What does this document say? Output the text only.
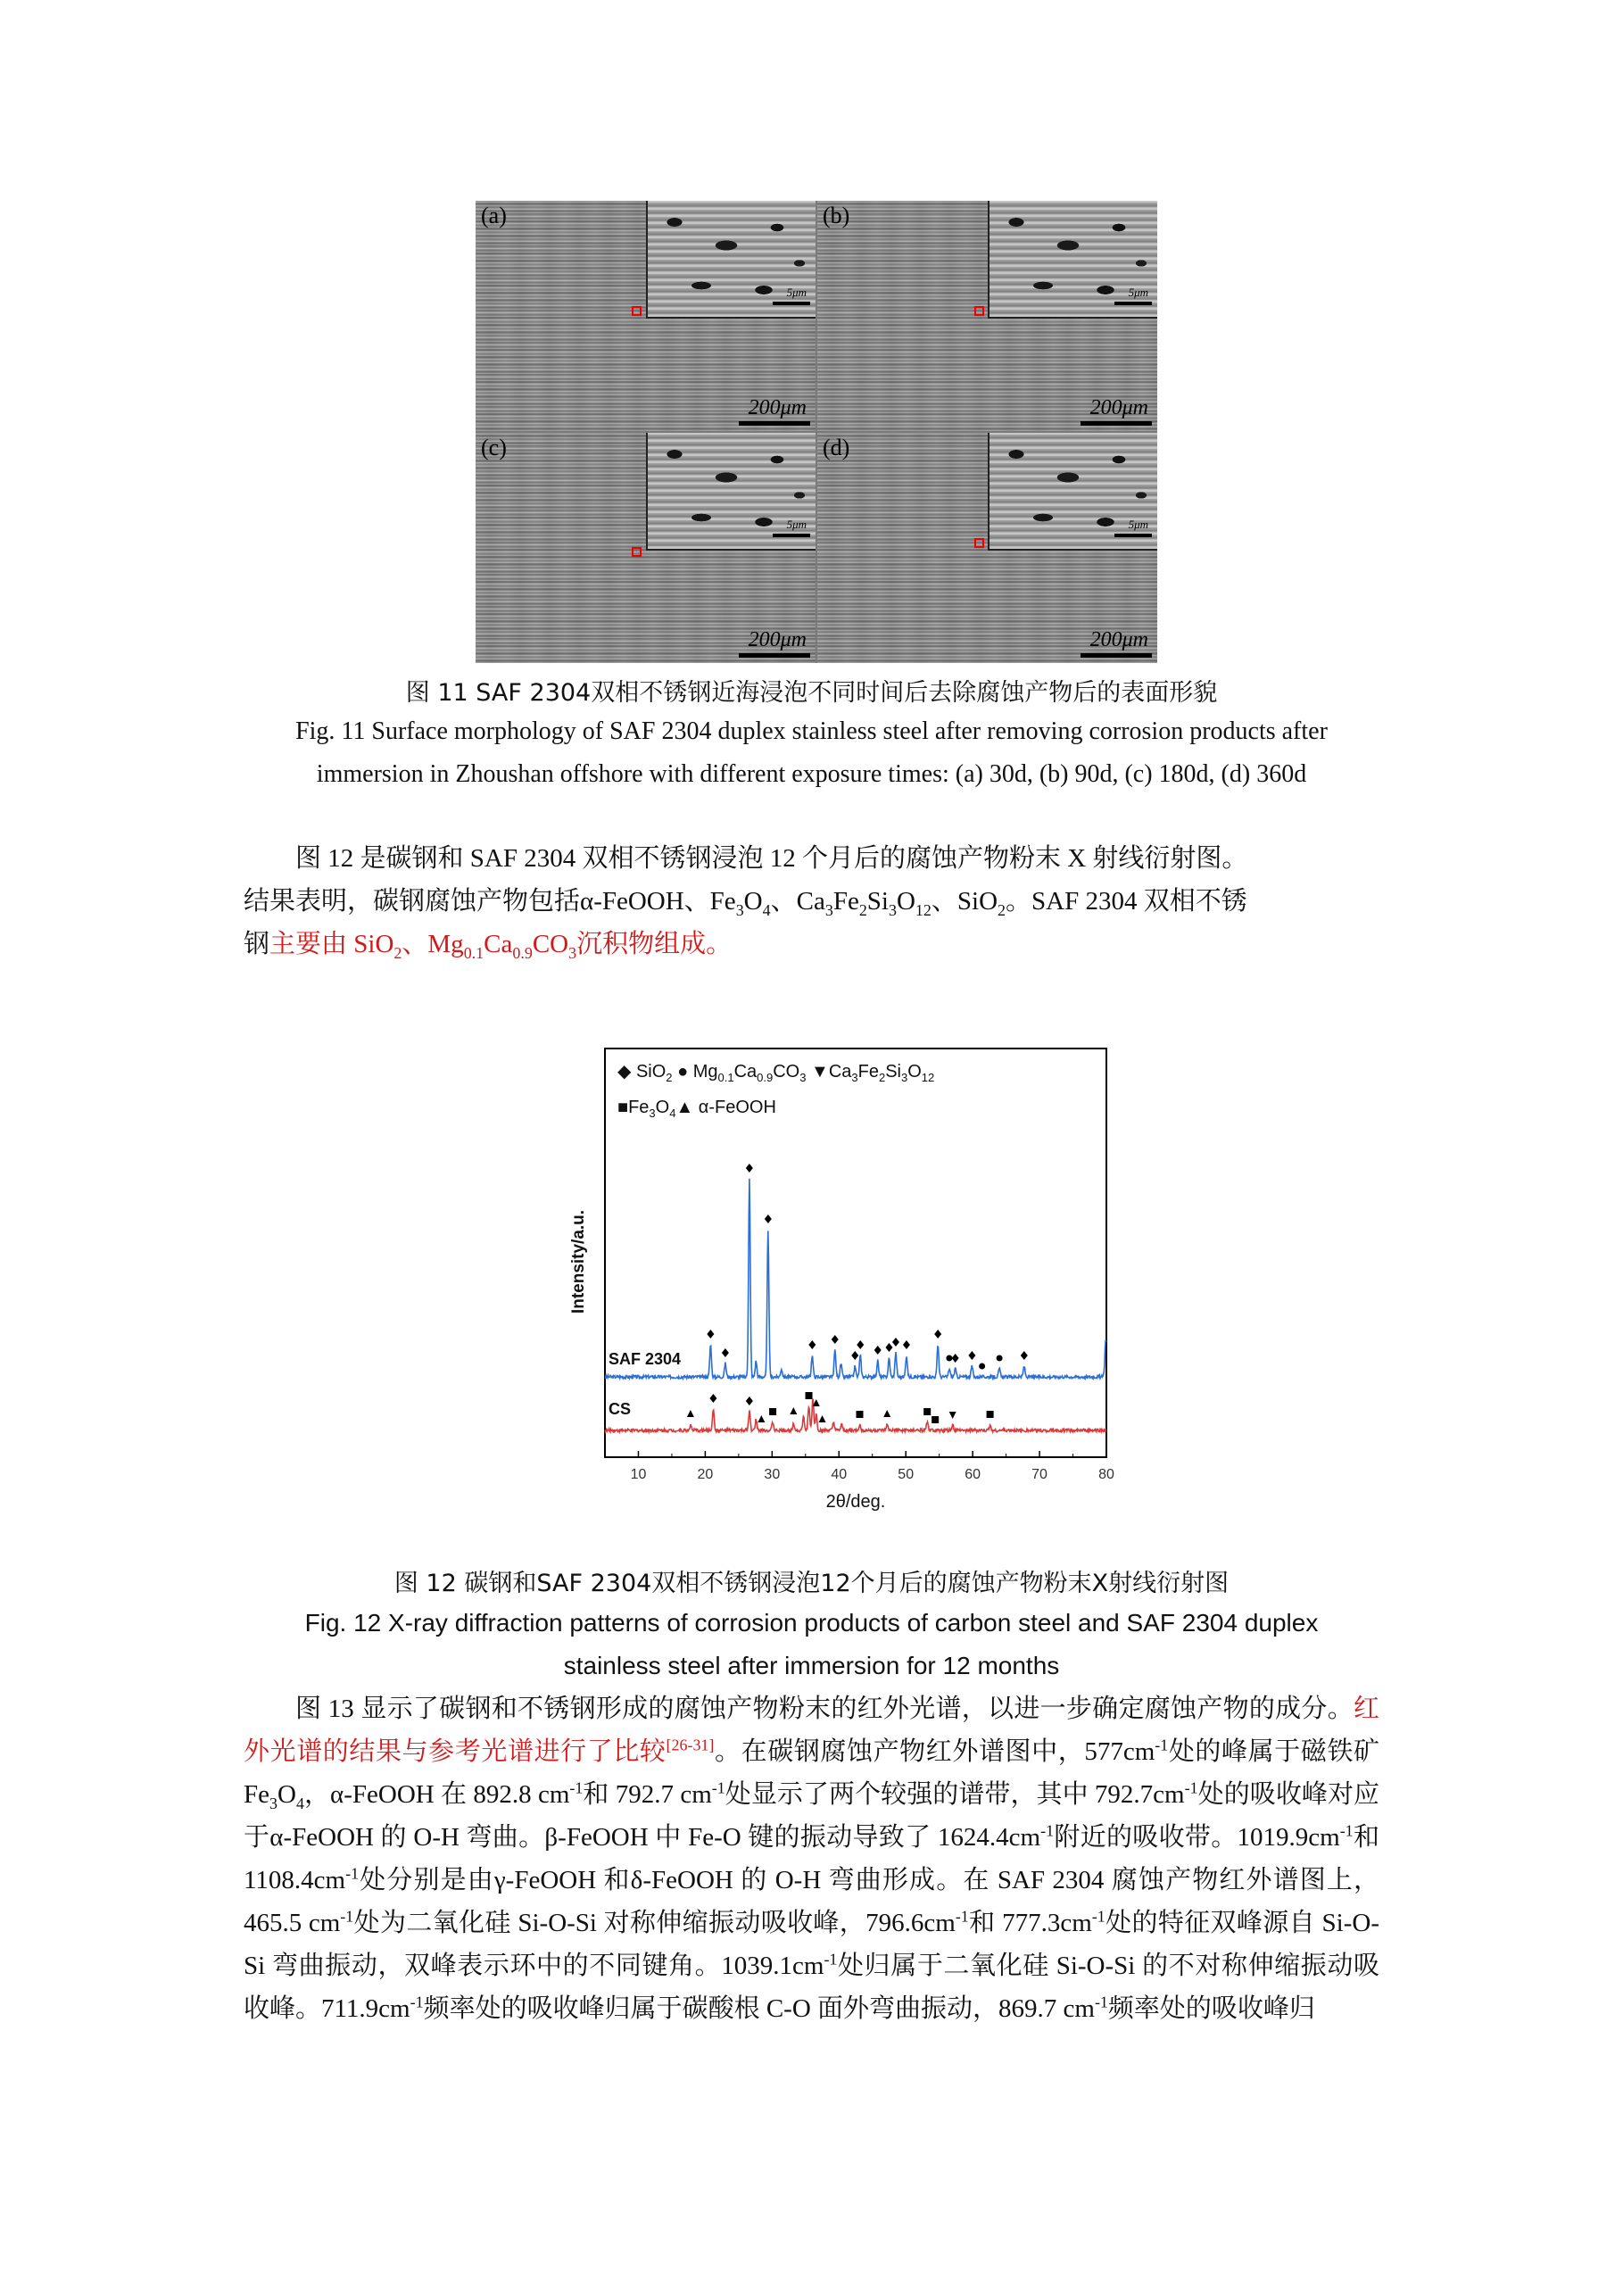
5μm
(a)
200μm
5μm
(b)
200μm
5μm
(c)
200μm
5μm
(d)
200μm
图 11 SAF 2304双相不锈钢近海浸泡不同时间后去除腐蚀产物后的表面形貌
Fig. 11 Surface morphology of SAF 2304 duplex stainless steel after removing corrosion products after immersion in Zhoushan offshore with different exposure times: (a) 30d, (b) 90d, (c) 180d, (d) 360d

图 12 是碳钢和 SAF 2304 双相不锈钢浸泡 12 个月后的腐蚀产物粉末 X 射线衍射图。

结果表明，碳钢腐蚀产物包括α-FeOOH、$Fe_3O_4$、$Ca_3Fe_2Si_3O_{12}$、SiO$_2$。SAF 2304 双相不锈

钢主要由 SiO$_2$、$Mg_{0.1}Ca_{0.9}CO_3$沉积物组成。

10	20	30	40	50	60	70	80
2θ/deg.
Intensity/a.u.
◆ SiO$_2$ ● $Mg_{0.1}Ca_{0.9}CO_3$ $▼Ca_3Fe_2Si_3O_{12}$
$■Fe_3O_4▲$ α-FeOOH
SAF 2304
CS
图 12 碳钢和SAF 2304双相不锈钢浸泡12个月后的腐蚀产物粉末X射线衍射图
Fig. 12 X-ray diffraction patterns of corrosion products of carbon steel and SAF 2304 duplex
stainless steel after immersion for 12 months

图 13 显示了碳钢和不锈钢形成的腐蚀产物粉末的红外光谱，以进一步确定腐蚀产物的成分。红外光谱的结果与参考光谱进行了比较[26-31]。在碳钢腐蚀产物红外谱图中，$577cm^{-1}$处的峰属于磁铁矿 $Fe_3O_4$，α-FeOOH 在 892.8 $cm^{-1}$和 792.7 $cm^{-1}$处显示了两个较强的谱带，其中 $792.7cm^{-1}$处的吸收峰对应于α-FeOOH 的 O-H 弯曲。β-FeOOH 中 Fe-O 键的振动导致了 $1624.4cm^{-1}$附近的吸收带。$1019.9cm^{-1}$和 $1108.4cm^{-1}$处分别是由γ-FeOOH 和δ-FeOOH 的 O-H 弯曲形成。在 SAF 2304 腐蚀产物红外谱图上，465.5 $cm^{-1}$处为二氧化硅 Si-O-Si 对称伸缩振动吸收峰，$796.6cm^{-1}$和 $777.3cm^{-1}$处的特征双峰源自 Si-O-Si 弯曲振动，双峰表示环中的不同键角。$1039.1cm^{-1}$处归属于二氧化硅 Si-O-Si 的不对称伸缩振动吸收峰。$711.9cm^{-1}$频率处的吸收峰归属于碳酸根 C-O 面外弯曲振动，869.7 $cm^{-1}$频率处的吸收峰归
